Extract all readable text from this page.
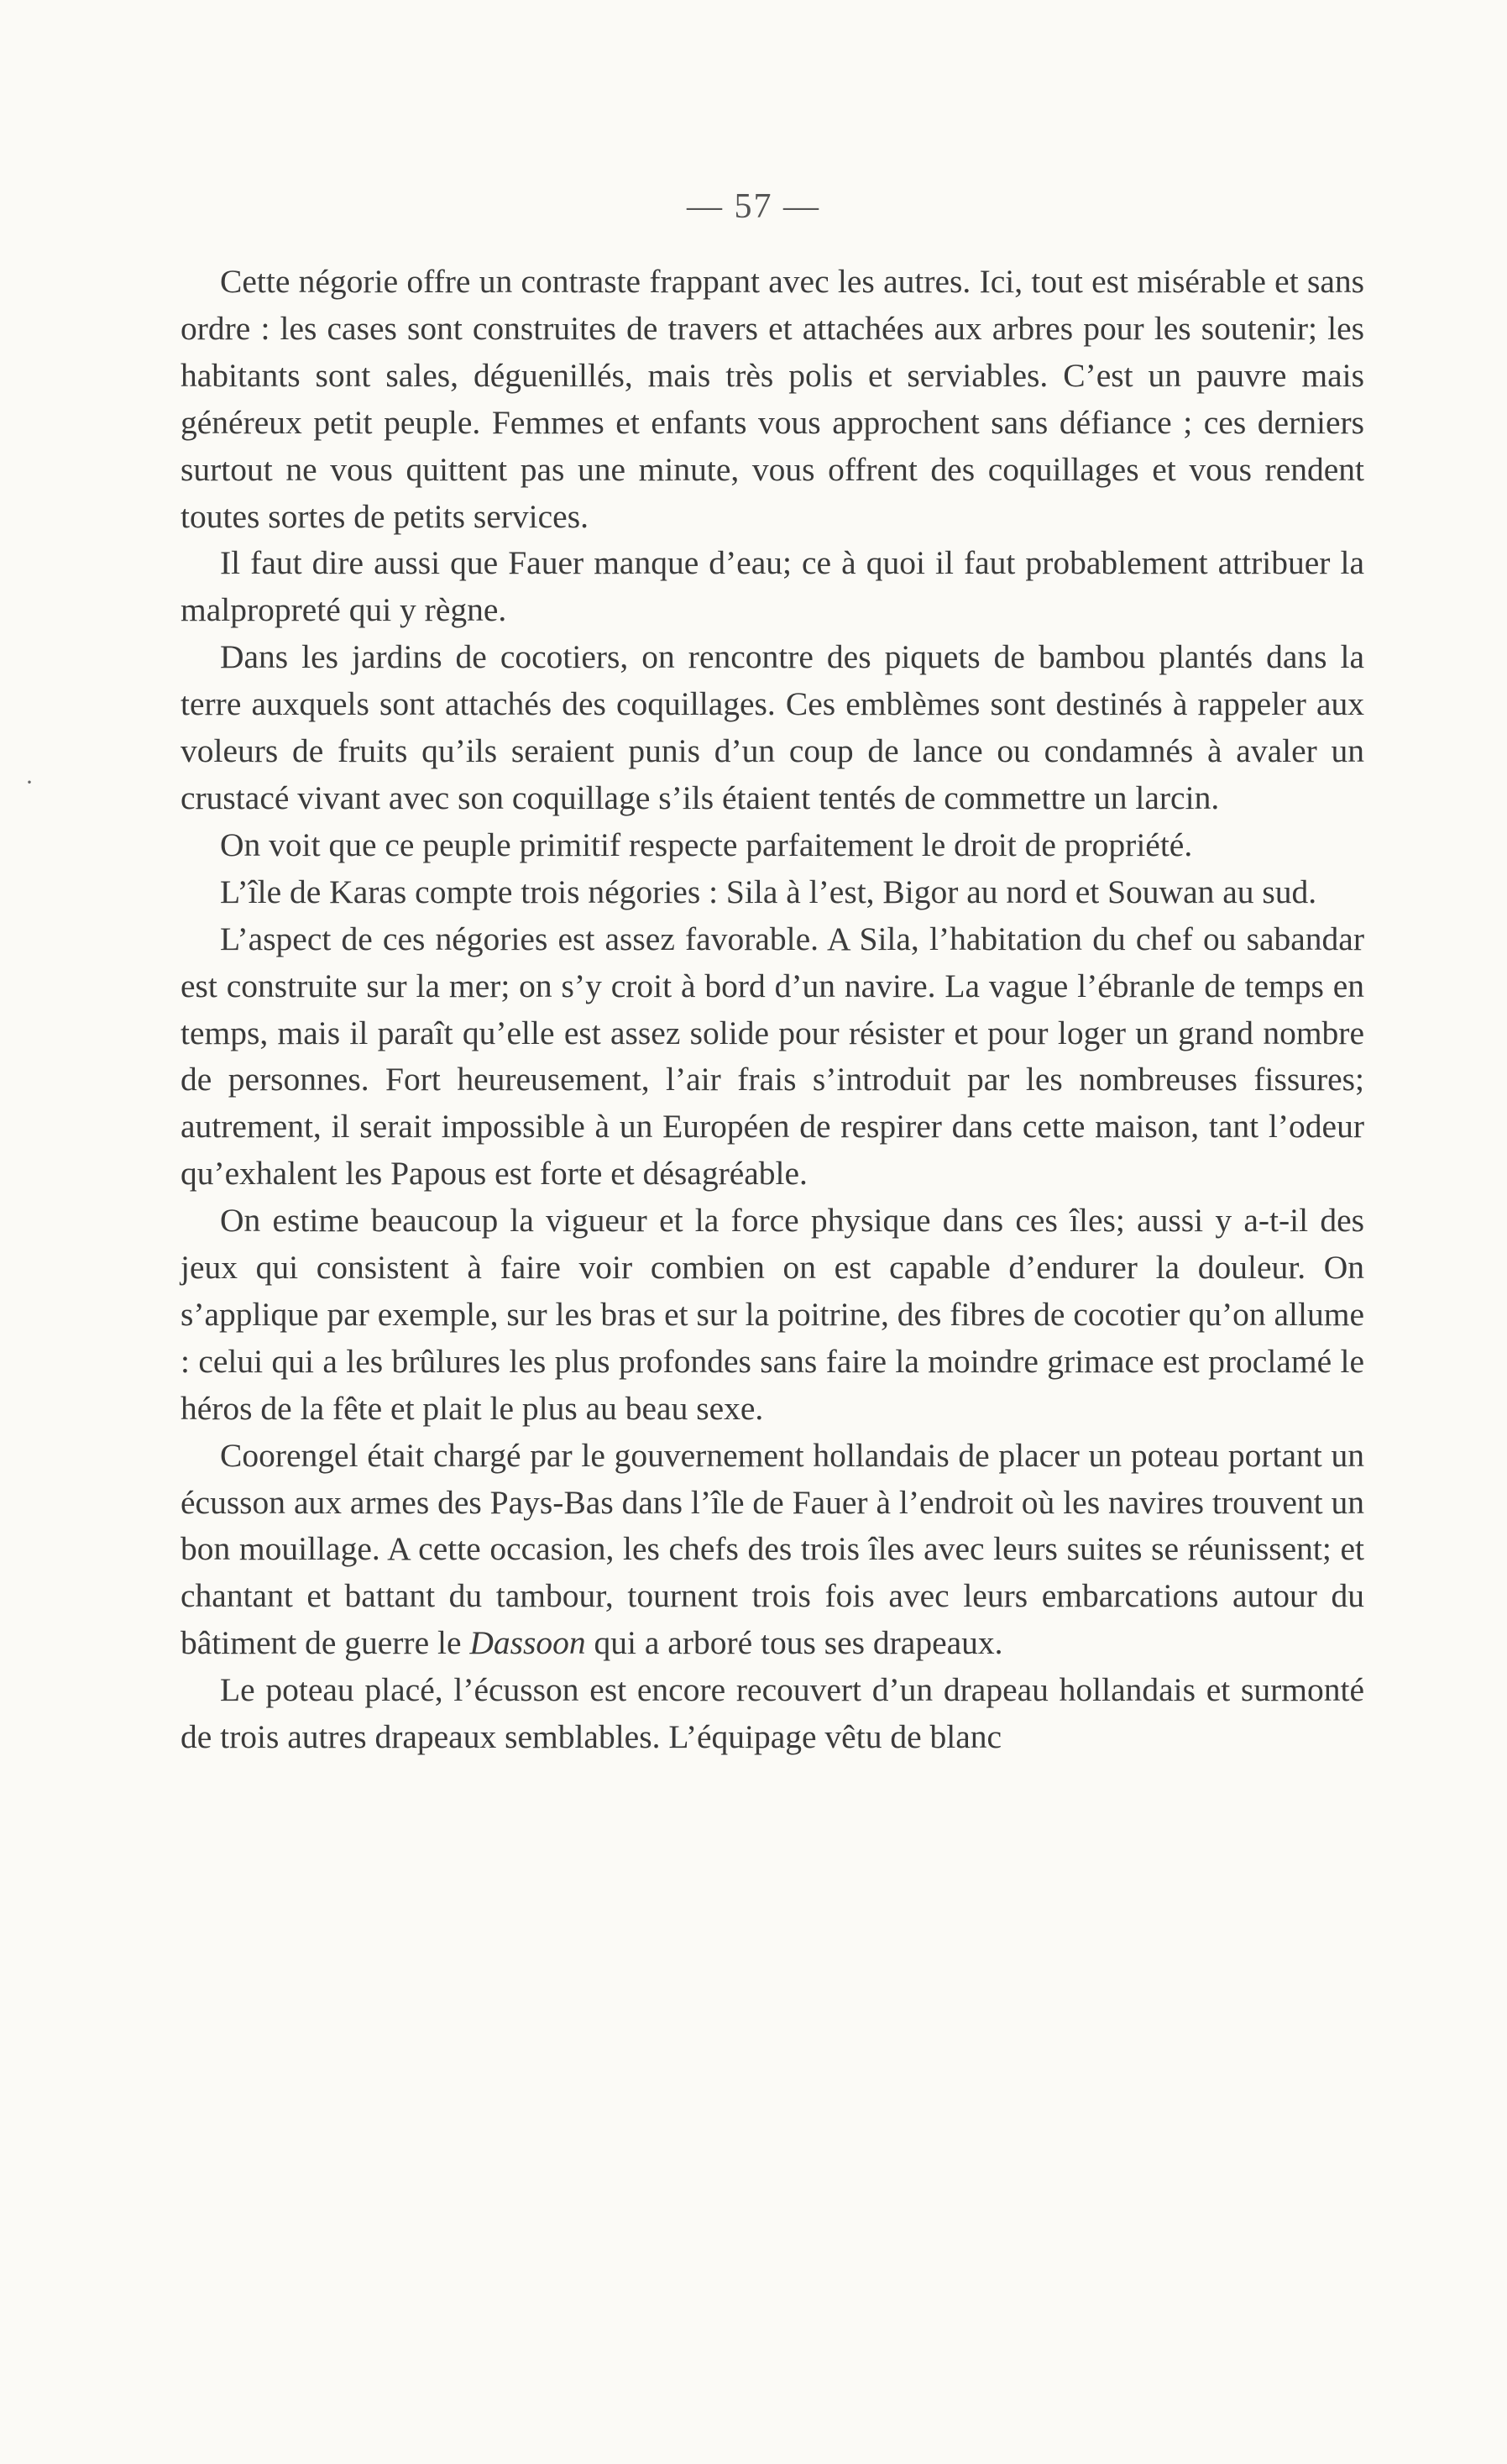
— 57 —
·

Cette négorie offre un contraste frappant avec les autres. Ici, tout est misérable et sans ordre : les cases sont construites de travers et attachées aux arbres pour les soutenir; les habitants sont sales, déguenillés, mais très polis et serviables. C’est un pauvre mais généreux petit peuple. Femmes et enfants vous approchent sans défiance ; ces derniers surtout ne vous quittent pas une minute, vous offrent des coquillages et vous rendent toutes sortes de petits services.

Il faut dire aussi que Fauer manque d’eau; ce à quoi il faut probablement attribuer la malpropreté qui y règne.

Dans les jardins de cocotiers, on rencontre des piquets de bambou plantés dans la terre auxquels sont attachés des coquillages. Ces emblèmes sont destinés à rappeler aux voleurs de fruits qu’ils seraient punis d’un coup de lance ou condamnés à avaler un crustacé vivant avec son coquillage s’ils étaient tentés de commettre un larcin.

On voit que ce peuple primitif respecte parfaitement le droit de propriété.

L’île de Karas compte trois négories : Sila à l’est, Bigor au nord et Souwan au sud.

L’aspect de ces négories est assez favorable. A Sila, l’habitation du chef ou sabandar est construite sur la mer; on s’y croit à bord d’un navire. La vague l’ébranle de temps en temps, mais il paraît qu’elle est assez solide pour résister et pour loger un grand nombre de personnes. Fort heureusement, l’air frais s’introduit par les nombreuses fissures; autrement, il serait impossible à un Européen de respirer dans cette maison, tant l’odeur qu’exhalent les Papous est forte et désagréable.

On estime beaucoup la vigueur et la force physique dans ces îles; aussi y a-t-il des jeux qui consistent à faire voir combien on est capable d’endurer la douleur. On s’applique par exemple, sur les bras et sur la poitrine, des fibres de cocotier qu’on allume : celui qui a les brûlures les plus profondes sans faire la moindre grimace est proclamé le héros de la fête et plait le plus au beau sexe.

Coorengel était chargé par le gouvernement hollandais de placer un poteau portant un écusson aux armes des Pays-Bas dans l’île de Fauer à l’endroit où les navires trouvent un bon mouillage. A cette occasion, les chefs des trois îles avec leurs suites se réunissent; et chantant et battant du tambour, tournent trois fois avec leurs embarcations autour du bâtiment de guerre le Dassoon qui a arboré tous ses drapeaux.

Le poteau placé, l’écusson est encore recouvert d’un drapeau hollandais et surmonté de trois autres drapeaux semblables. L’équipage vêtu de blanc
